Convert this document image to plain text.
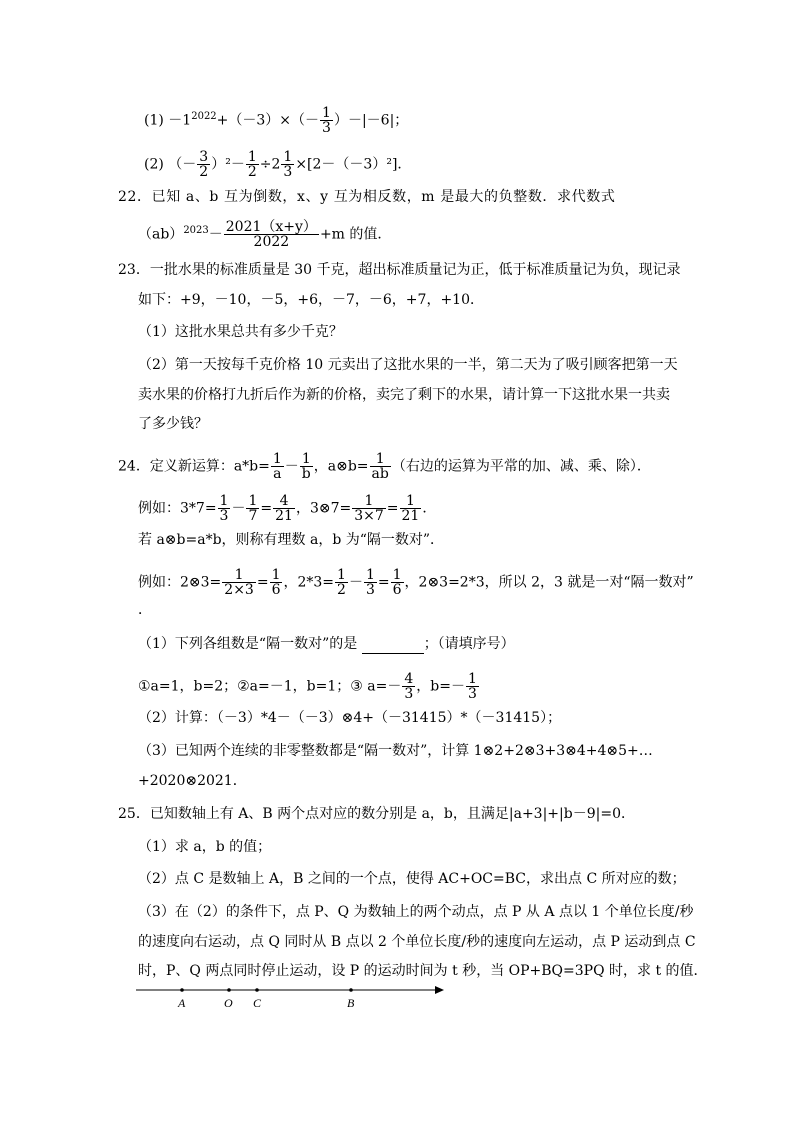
$(1) -1^{2022}+(-3)\times(- \frac{1}{3} )-|-6|$；
(2) （－ $\frac{3}{2} )^2- \frac{1}{2} \div 2 \frac{1}{3} \times[2-(-3)^2]$．
22．已知 a、b 互为倒数，x、y 互为相反数，m 是最大的负整数．求代数式
$(ab)^{2023}- \frac{2021(x+y)}{2022} +m$ 的值．
23．一批水果的标准质量是 30 千克，超出标准质量记为正，低于标准质量记为负，现记录
如下：+9，－10，－5，+6，－7，－6，+7，+10．
（1）这批水果总共有多少千克？
（2）第一天按每千克价格 10 元卖出了这批水果的一半，第二天为了吸引顾客把第一天
卖水果的价格打九折后作为新的价格，卖完了剩下的水果，请计算一下这批水果一共卖
了多少钱？
24．定义新运算：$a*b= \frac{1}{a} - \frac{1}{b}$ ，a⊗b= $\frac{1}{ab}$ （右边的运算为平常的加、减、乘、除）．
例如：$3*7= \frac{1}{3} - \frac{1}{7} = \frac{4}{21}$ ，3⊗7= $\frac{1}{3\times 7} = \frac{1}{21}$ ．
若 a⊗b=a*b，则称有理数 a，b 为“隔一数对”．
例如：2⊗3= $\frac{1}{2\times 3} = \frac{1}{6}$ ，$2*3= \frac{1}{2} - \frac{1}{3} = \frac{1}{6}$ ，2⊗3=2*3，所以 2，3 就是一对“隔一数对”
．
（1）下列各组数是“隔一数对”的是	；（请填序号）
①a=1，b=2；②a=－1，b=1；③ $a=- \frac{4}{3}$ ，$b=- \frac{1}{3}$
（2）计算：（－3）*4－（－3）⊗4+（－31415）*（－31415）；
（3）已知两个连续的非零整数都是“隔一数对”，计算 1⊗2+2⊗3+3⊗4+4⊗5+…
+2020⊗2021．
25．已知数轴上有 A、B 两个点对应的数分别是 a，b，且满足|a+3|+|b－9|=0．
（1）求 a，b 的值；
（2）点 C 是数轴上 A，B 之间的一个点，使得 AC+OC=BC，求出点 C 所对应的数；
（3）在（2）的条件下，点 P、Q 为数轴上的两个动点，点 P 从 A 点以 1 个单位长度/秒
的速度向右运动，点 Q 同时从 B 点以 2 个单位长度/秒的速度向左运动，点 P 运动到点 C
时，P、Q 两点同时停止运动，设 P 的运动时间为 t 秒，当 OP+BQ=3PQ 时，求 t 的值．
A	O C	B
